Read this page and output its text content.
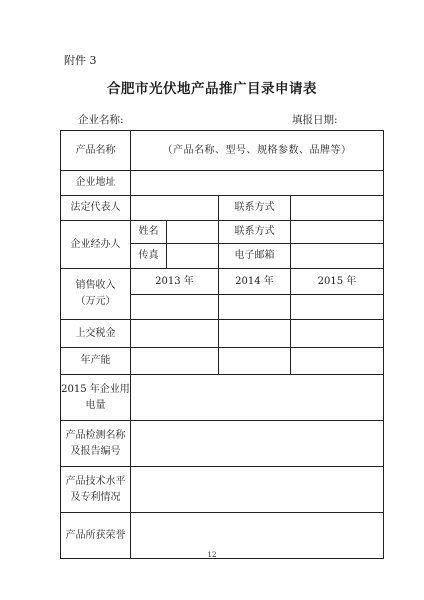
附件 3
合肥市光伏地产品推广目录申请表
企业名称:	填报日期:
产品名称	（产品名称、型号、规格参数、品牌等）			
企业地址				
法定代表人			联系方式	
企业经办人	姓名		联系方式	
	传真		电子邮箱	

销售收入
（万元）	2013 年		2014 年	2015 年

上交税金				
年产能				

2015 年企业用
电量				

产品检测名称
及报告编号				

产品技术水平
及专利情况				

产品所获荣誉				
12
